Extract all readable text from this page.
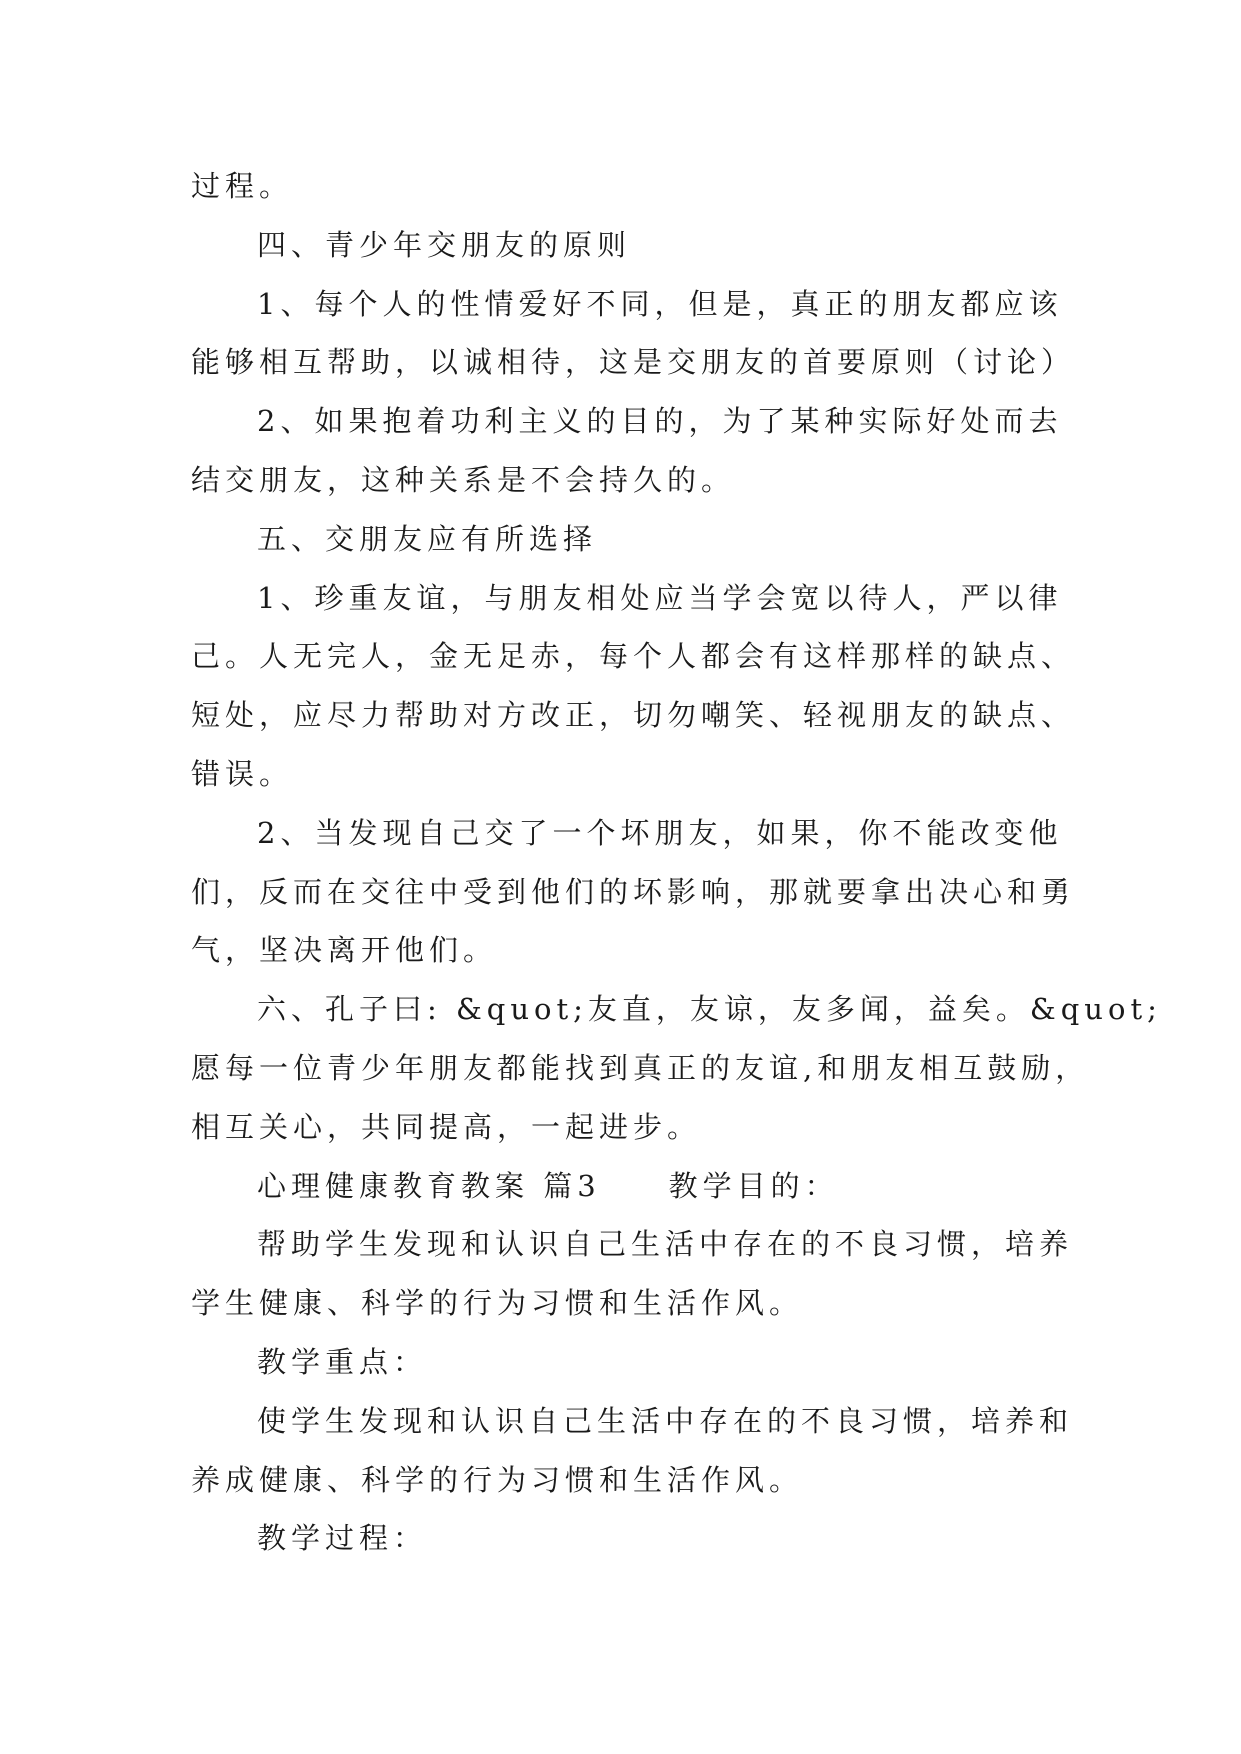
过程。
四、青少年交朋友的原则
1、每个人的性情爱好不同，但是，真正的朋友都应该
能够相互帮助，以诚相待，这是交朋友的首要原则（讨论）
2、如果抱着功利主义的目的，为了某种实际好处而去
结交朋友，这种关系是不会持久的。
五、交朋友应有所选择
1、珍重友谊，与朋友相处应当学会宽以待人，严以律
己。人无完人，金无足赤，每个人都会有这样那样的缺点、
短处，应尽力帮助对方改正，切勿嘲笑、轻视朋友的缺点、
错误。
2、当发现自己交了一个坏朋友，如果，你不能改变他
们，反而在交往中受到他们的坏影响，那就要拿出决心和勇
气，坚决离开他们。
六、孔子曰: &quot;友直，友谅，友多闻，益矣。&quot;
愿每一位青少年朋友都能找到真正的友谊,和朋友相互鼓励，
相互关心，共同提高，一起进步。
心理健康教育教案 篇3　　教学目的：
帮助学生发现和认识自己生活中存在的不良习惯，培养
学生健康、科学的行为习惯和生活作风。
教学重点：
使学生发现和认识自己生活中存在的不良习惯，培养和
养成健康、科学的行为习惯和生活作风。
教学过程：
